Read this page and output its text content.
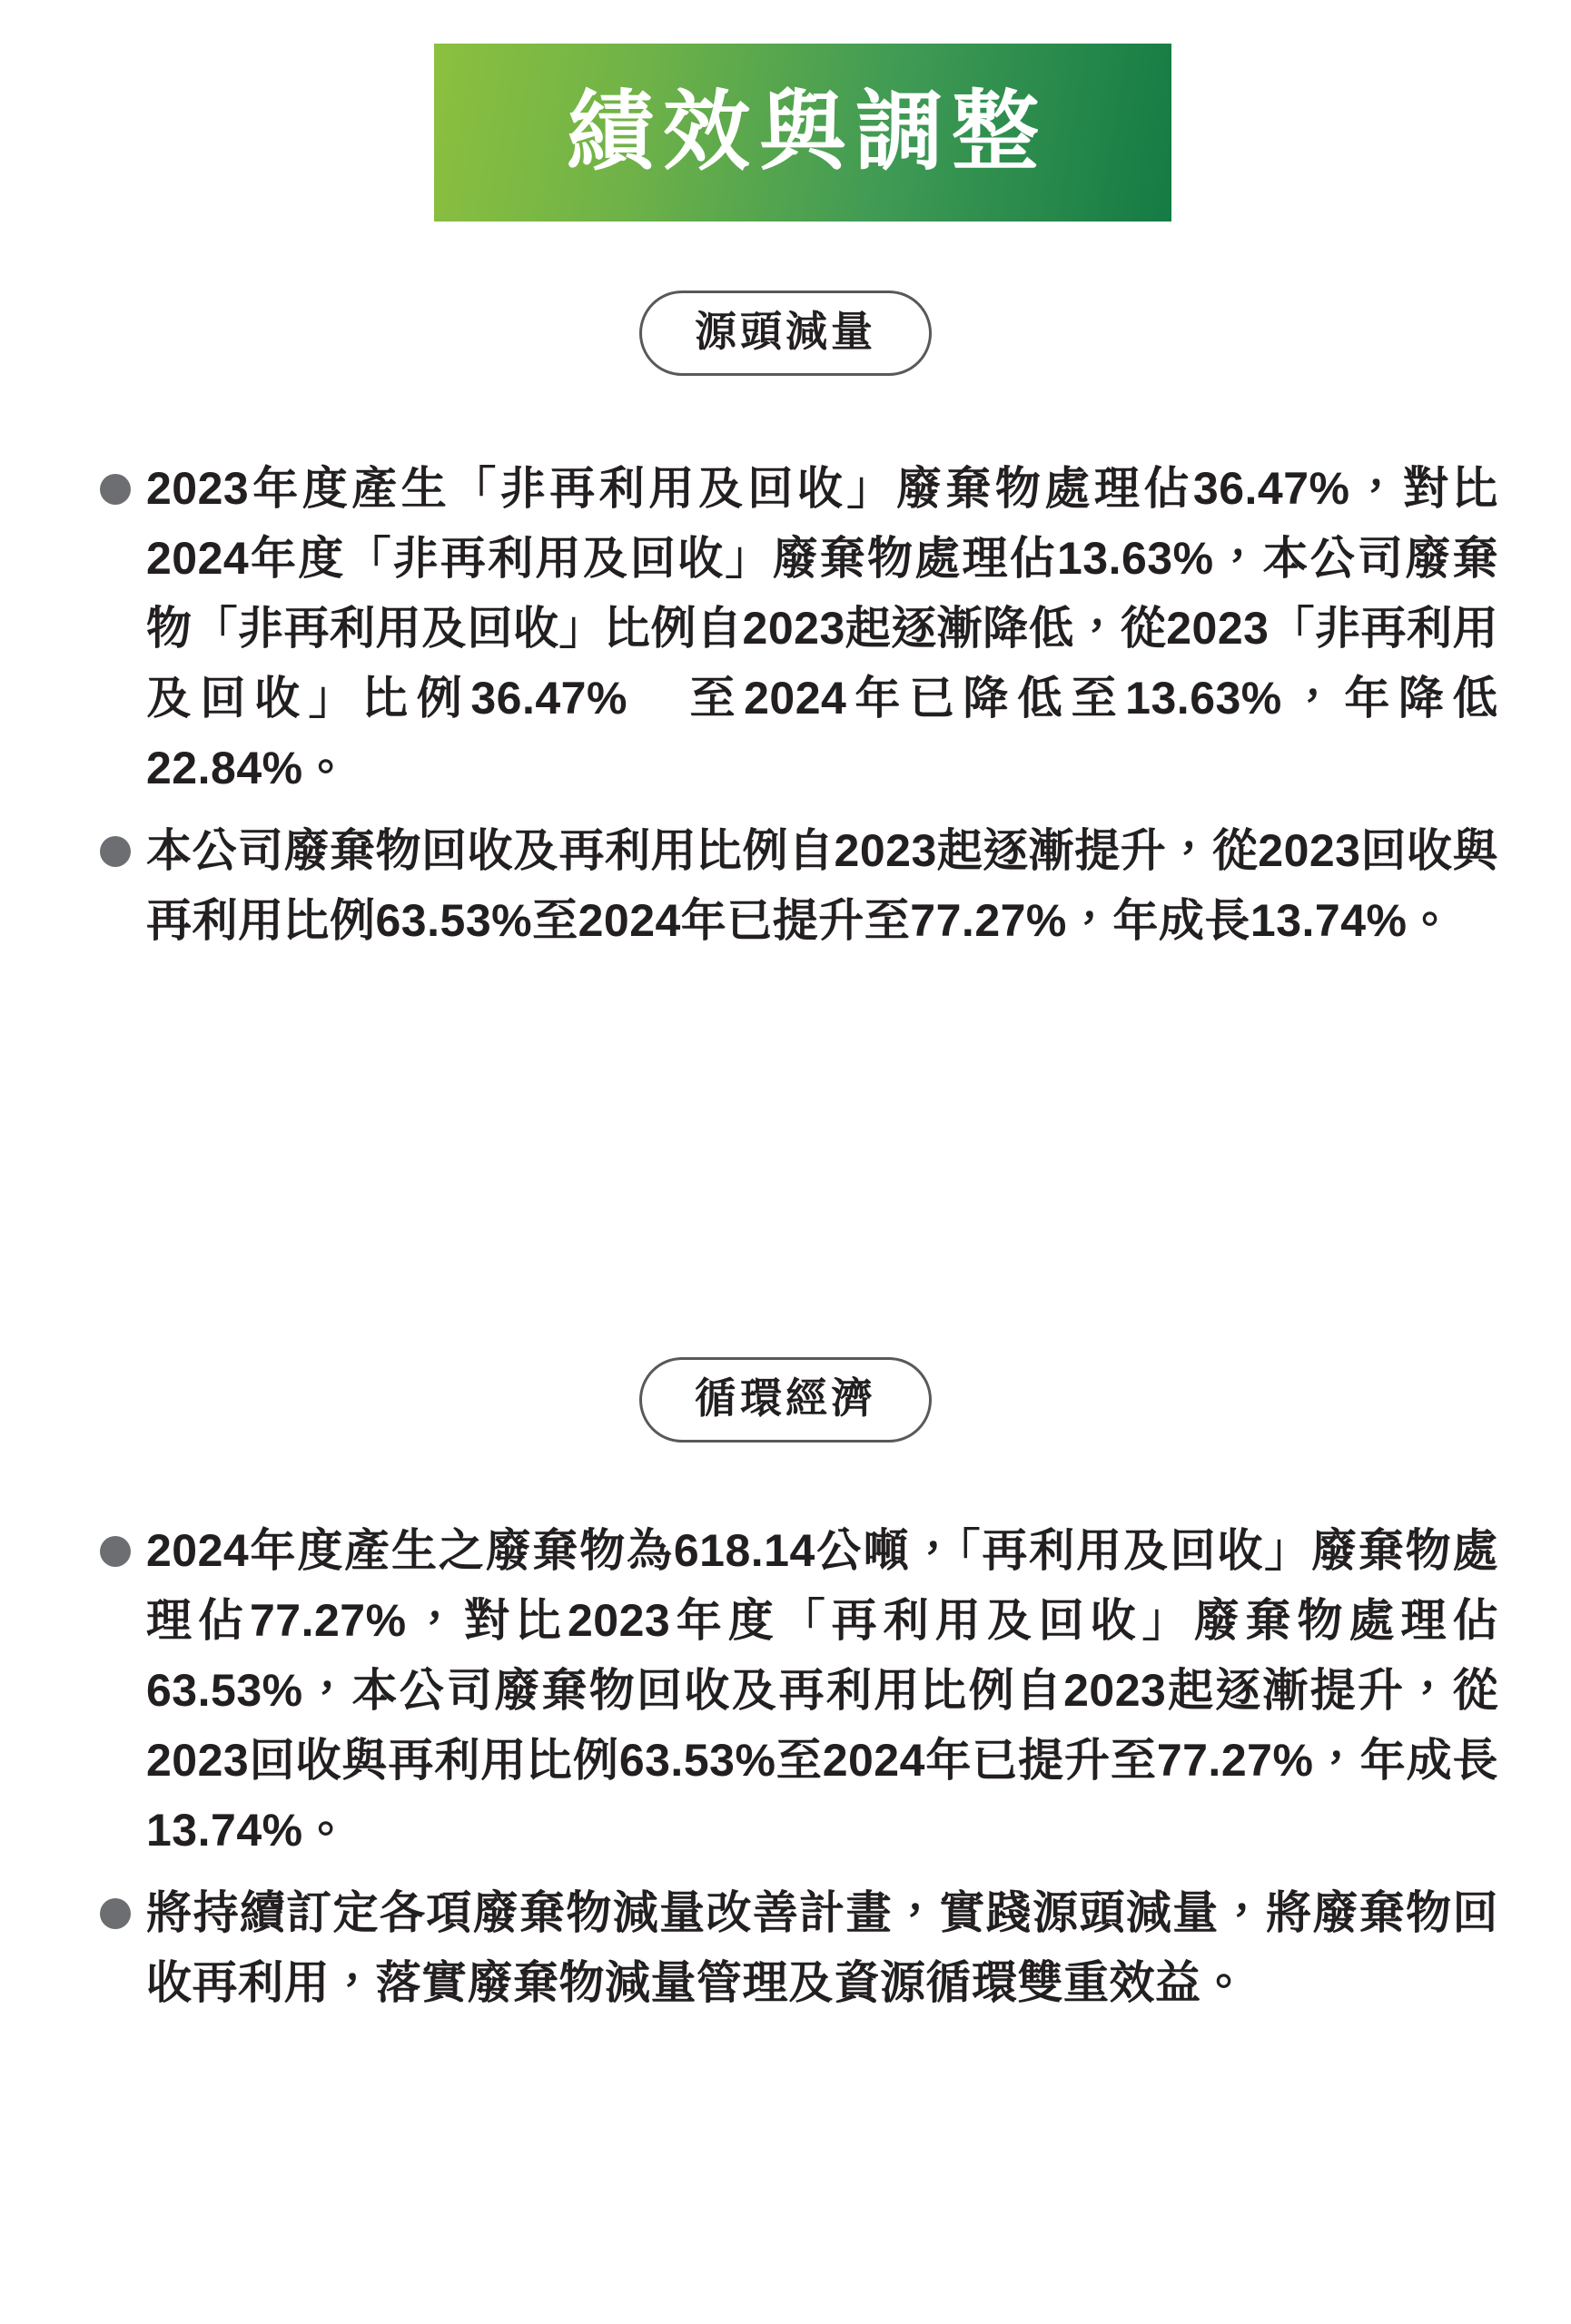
績效與調整
源頭減量
2023年度產生「非再利用及回收」廢棄物處理佔36.47%，對比2024年度「非再利用及回收」廢棄物處理佔13.63%，本公司廢棄物「非再利用及回收」比例自2023起逐漸降低，從2023「非再利用及回收」比例36.47%　至2024年已降低至13.63%，年降低22.84%。
本公司廢棄物回收及再利用比例自2023起逐漸提升，從2023回收與再利用比例63.53%至2024年已提升至77.27%，年成長13.74%。
循環經濟
2024年度產生之廢棄物為618.14公噸，「再利用及回收」廢棄物處理佔77.27%，對比2023年度「再利用及回收」廢棄物處理佔63.53%，本公司廢棄物回收及再利用比例自2023起逐漸提升，從2023回收與再利用比例63.53%至2024年已提升至77.27%，年成長13.74%。
將持續訂定各項廢棄物減量改善計畫，實踐源頭減量，將廢棄物回收再利用，落實廢棄物減量管理及資源循環雙重效益。
